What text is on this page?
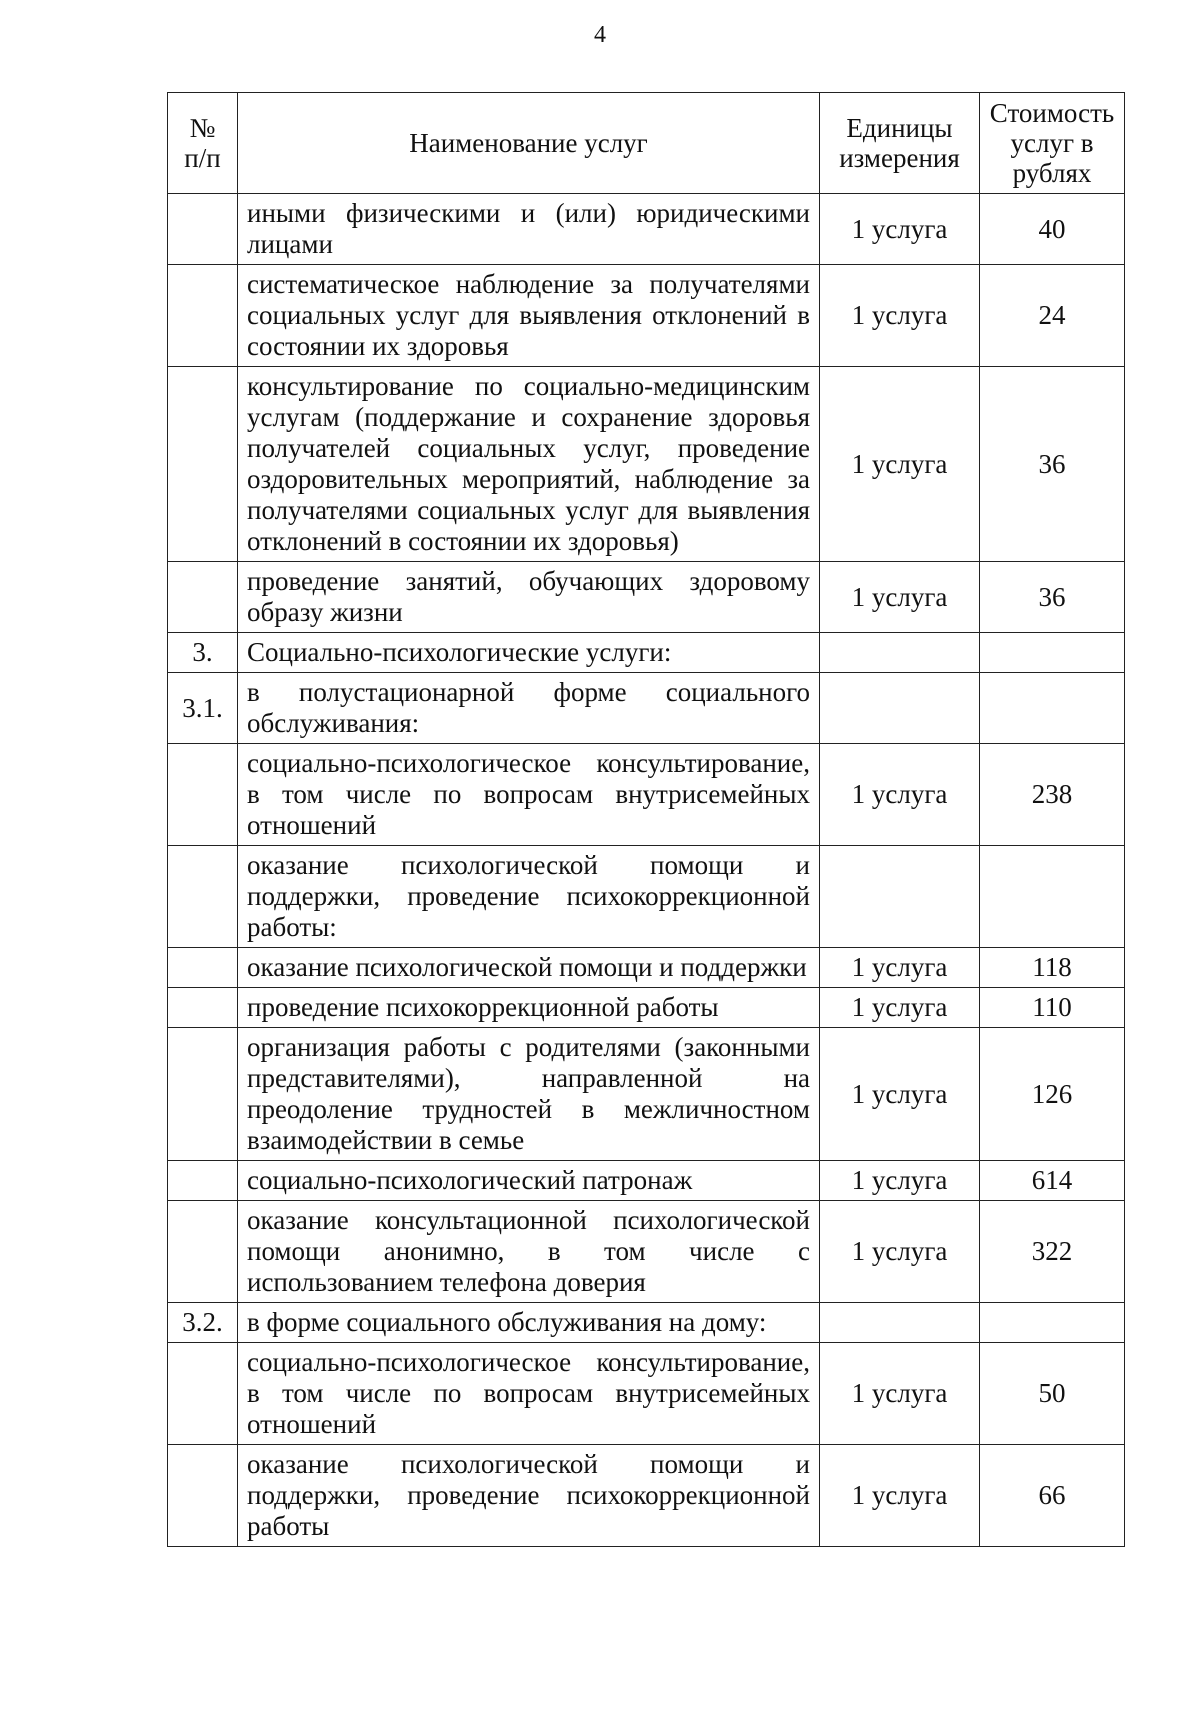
4
№ п/п	Наименование услуг	Единицы измерения	Стоимость услуг в рублях
	иными физическими и (или) юридическими лицами	1 услуга	40
	систематическое наблюдение за получателями социальных услуг для выявления отклонений в состоянии их здоровья	1 услуга	24
	консультирование по социально-медицинским услугам (поддержание и сохранение здоровья получателей социальных услуг, проведение оздоровительных мероприятий, наблюдение за получателями социальных услуг для выявления отклонений в состоянии их здоровья)	1 услуга	36
	проведение занятий, обучающих здоровому образу жизни	1 услуга	36
3.	Социально-психологические услуги:		
3.1.	в полустационарной форме социального обслуживания:		
	социально-психологическое консультирование, в том числе по вопросам внутрисемейных отношений	1 услуга	238
	оказание психологической помощи и поддержки, проведение психокоррекционной работы:		
	оказание психологической помощи и поддержки	1 услуга	118
	проведение психокоррекционной работы	1 услуга	110
	организация работы с родителями (законными представителями), направленной на преодоление трудностей в межличностном взаимодействии в семье	1 услуга	126
	социально-психологический патронаж	1 услуга	614
	оказание консультационной психологической помощи анонимно, в том числе с использованием телефона доверия	1 услуга	322
3.2.	в форме социального обслуживания на дому:		
	социально-психологическое консультирование, в том числе по вопросам внутрисемейных отношений	1 услуга	50
	оказание психологической помощи и поддержки, проведение психокоррекционной работы	1 услуга	66
